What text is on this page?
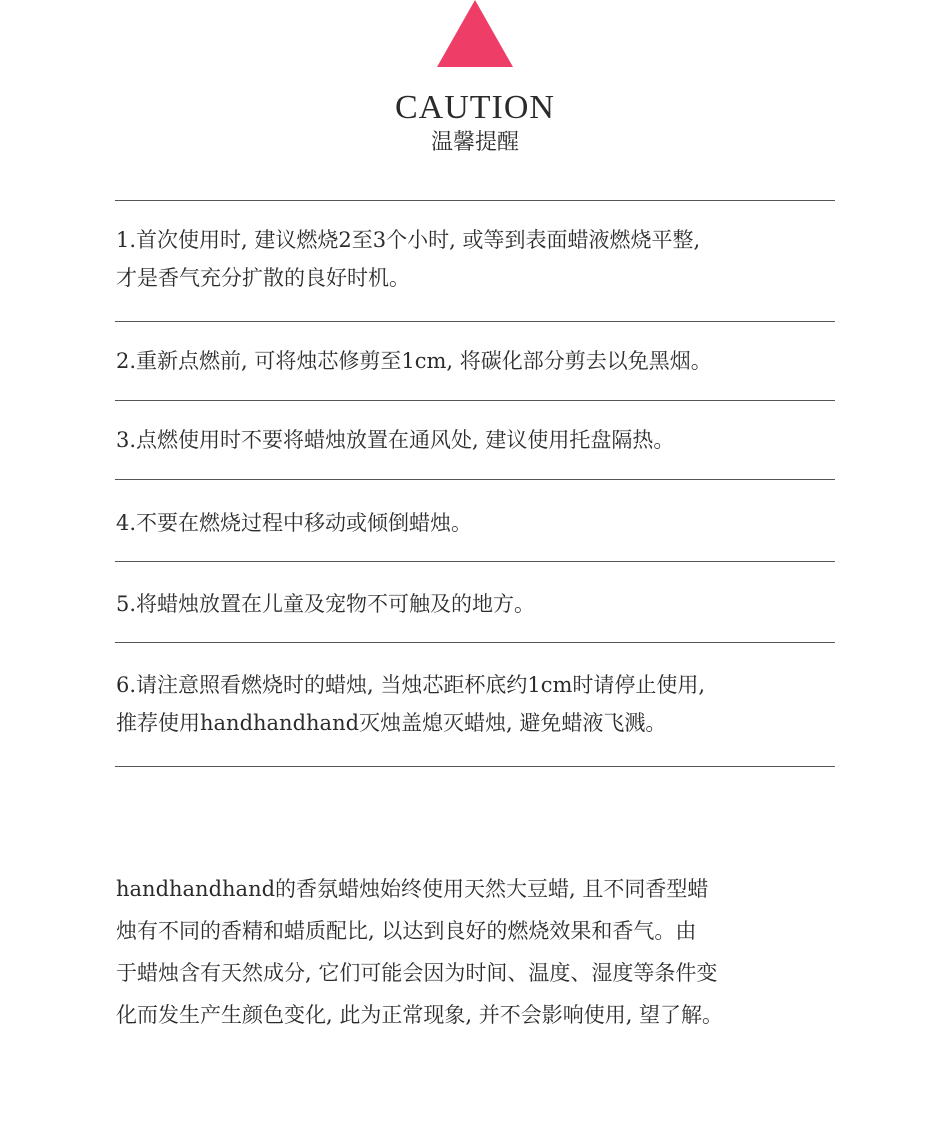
CAUTION
温馨提醒
1.首次使用时, 建议燃烧2至3个小时, 或等到表面蜡液燃烧平整,
才是香气充分扩散的良好时机。
2.重新点燃前, 可将烛芯修剪至1cm, 将碳化部分剪去以免黑烟。
3.点燃使用时不要将蜡烛放置在通风处, 建议使用托盘隔热。
4.不要在燃烧过程中移动或倾倒蜡烛。
5.将蜡烛放置在儿童及宠物不可触及的地方。
6.请注意照看燃烧时的蜡烛, 当烛芯距杯底约1cm时请停止使用,
推荐使用handhandhand灭烛盖熄灭蜡烛, 避免蜡液飞溅。
handhandhand的香氛蜡烛始终使用天然大豆蜡, 且不同香型蜡
烛有不同的香精和蜡质配比, 以达到良好的燃烧效果和香气。由
于蜡烛含有天然成分, 它们可能会因为时间、温度、湿度等条件变
化而发生产生颜色变化, 此为正常现象, 并不会影响使用, 望了解。
